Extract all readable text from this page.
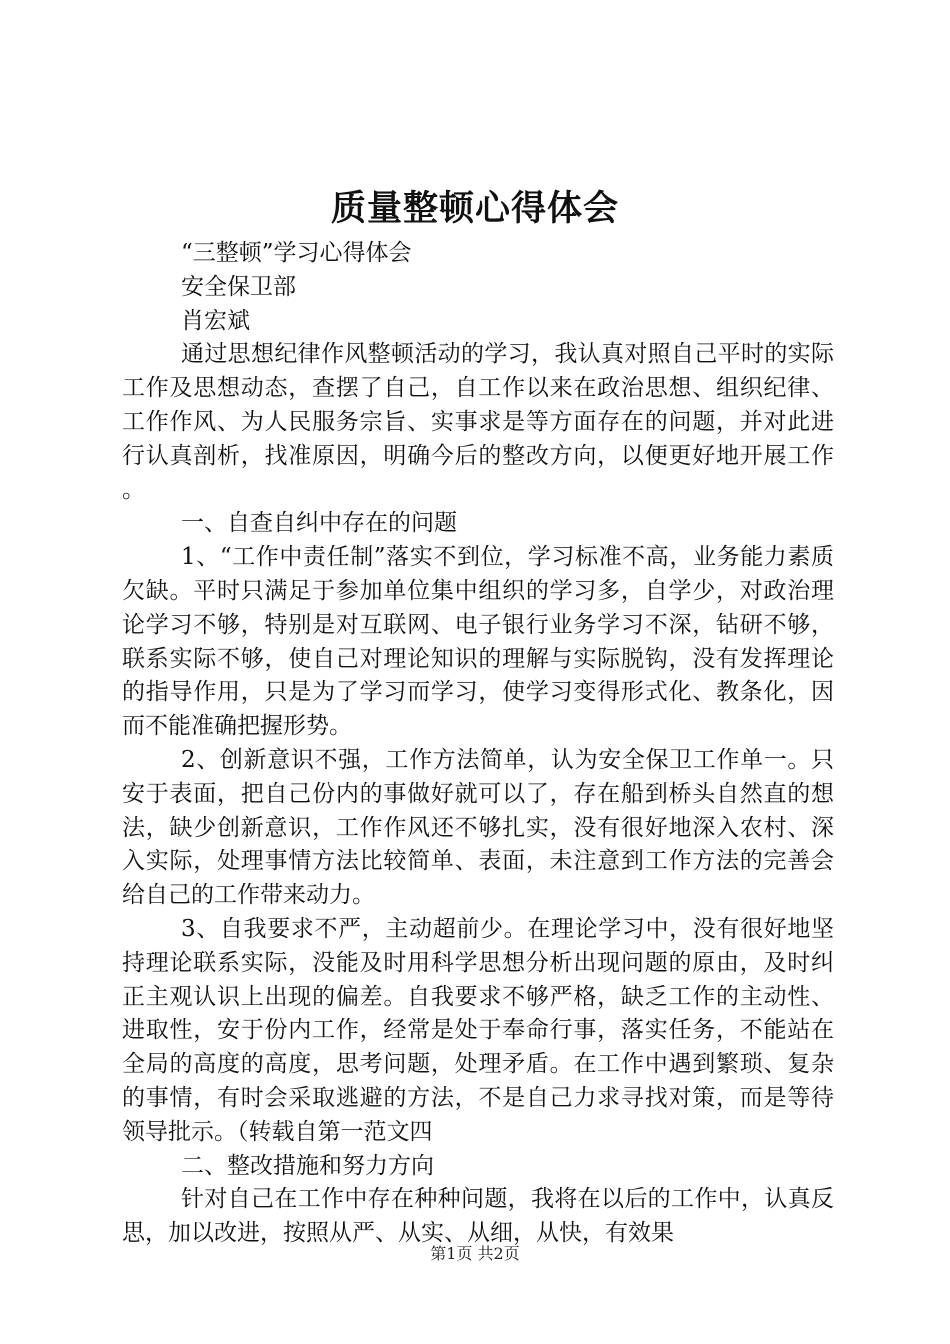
质量整顿心得体会

“三整顿”学习心得体会

安全保卫部

肖宏斌

通过思想纪律作风整顿活动的学习，我认真对照自己平时的实际工作及思想动态，查摆了自己，自工作以来在政治思想、组织纪律、工作作风、为人民服务宗旨、实事求是等方面存在的问题，并对此进行认真剖析，找准原因，明确今后的整改方向，以便更好地开展工作。

一、自查自纠中存在的问题

1、“工作中责任制”落实不到位，学习标准不高，业务能力素质欠缺。平时只满足于参加单位集中组织的学习多，自学少，对政治理论学习不够，特别是对互联网、电子银行业务学习不深，钻研不够，联系实际不够，使自己对理论知识的理解与实际脱钩，没有发挥理论的指导作用，只是为了学习而学习，使学习变得形式化、教条化，因而不能准确把握形势。

2、创新意识不强，工作方法简单，认为安全保卫工作单一。只安于表面，把自己份内的事做好就可以了，存在船到桥头自然直的想法，缺少创新意识，工作作风还不够扎实，没有很好地深入农村、深入实际，处理事情方法比较简单、表面，未注意到工作方法的完善会给自己的工作带来动力。

3、自我要求不严，主动超前少。在理论学习中，没有很好地坚持理论联系实际，没能及时用科学思想分析出现问题的原由，及时纠正主观认识上出现的偏差。自我要求不够严格，缺乏工作的主动性、进取性，安于份内工作，经常是处于奉命行事，落实任务，不能站在全局的高度的高度，思考问题，处理矛盾。在工作中遇到繁琐、复杂的事情，有时会采取逃避的方法，不是自己力求寻找对策，而是等待领导批示。（转载自第一范文四

二、整改措施和努力方向

针对自己在工作中存在种种问题，我将在以后的工作中，认真反思，加以改进，按照从严、从实、从细，从快，有效果

第1页 共2页
